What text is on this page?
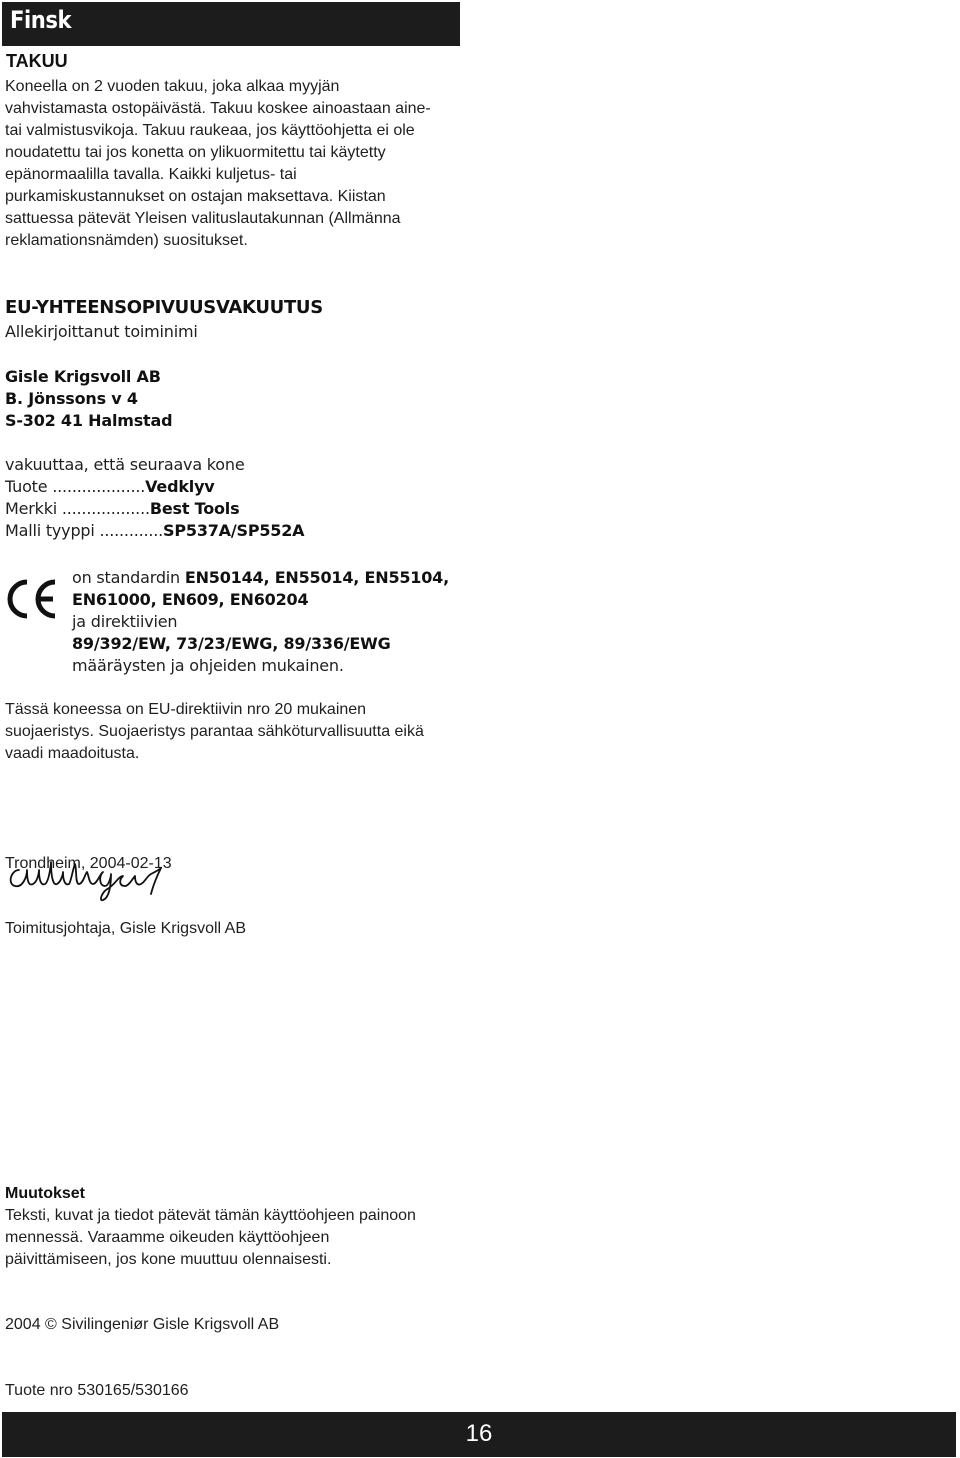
Finsk
TAKUU
Koneella on 2 vuoden takuu, joka alkaa myyjän
vahvistamasta ostopäivästä. Takuu koskee ainoastaan aine-
tai valmistusvikoja. Takuu raukeaa, jos käyttöohjetta ei ole
noudatettu tai jos konetta on ylikuormitettu tai käytetty
epänormaalilla tavalla. Kaikki kuljetus- tai
purkamiskustannukset on ostajan maksettava. Kiistan
sattuessa pätevät Yleisen valituslautakunnan (Allmänna
reklamationsnämden) suositukset.
EU-YHTEENSOPIVUUSVAKUUTUS
Allekirjoittanut toiminimi
Gisle Krigsvoll AB
B. Jönssons v 4
S-302 41 Halmstad
vakuuttaa, että seuraava kone
Tuote ...................Vedklyv
Merkki ..................Best Tools
Malli tyyppi .............SP537A/SP552A
on standardin EN50144, EN55014, EN55104,
EN61000, EN609, EN60204
ja direktiivien
89/392/EW, 73/23/EWG, 89/336/EWG
määräysten ja ohjeiden mukainen.
Tässä koneessa on EU-direktiivin nro 20 mukainen
suojaeristys. Suojaeristys parantaa sähköturvallisuutta eikä
vaadi maadoitusta.
Trondheim, 2004-02-13
Toimitusjohtaja, Gisle Krigsvoll AB
Muutokset
Teksti, kuvat ja tiedot pätevät tämän käyttöohjeen painoon
mennessä. Varaamme oikeuden käyttöohjeen
päivittämiseen, jos kone muuttuu olennaisesti.
2004 © Sivilingeniør Gisle Krigsvoll AB
Tuote nro 530165/530166
16
